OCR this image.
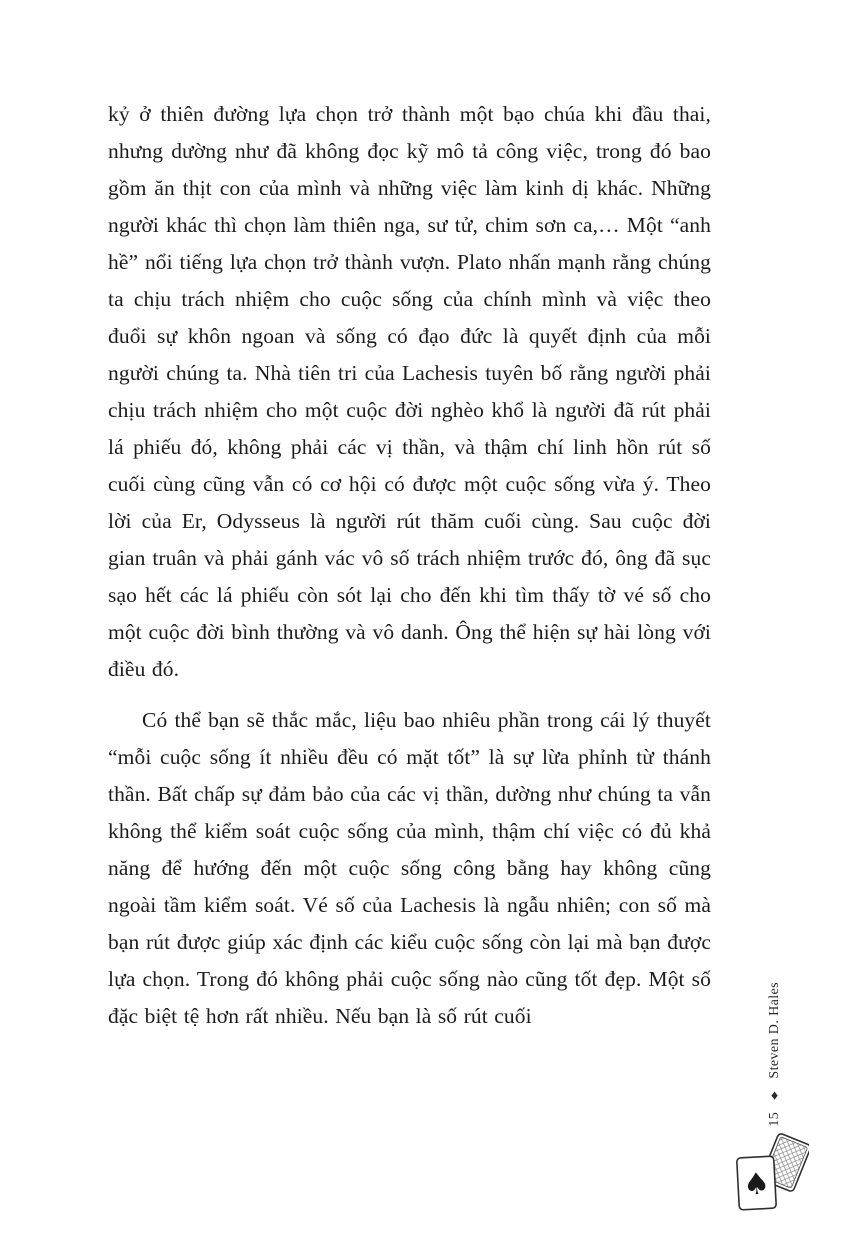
kỷ ở thiên đường lựa chọn trở thành một bạo chúa khi đầu thai, nhưng dường như đã không đọc kỹ mô tả công việc, trong đó bao gồm ăn thịt con của mình và những việc làm kinh dị khác. Những người khác thì chọn làm thiên nga, sư tử, chim sơn ca,… Một “anh hề” nổi tiếng lựa chọn trở thành vượn. Plato nhấn mạnh rằng chúng ta chịu trách nhiệm cho cuộc sống của chính mình và việc theo đuổi sự khôn ngoan và sống có đạo đức là quyết định của mỗi người chúng ta. Nhà tiên tri của Lachesis tuyên bố rằng người phải chịu trách nhiệm cho một cuộc đời nghèo khổ là người đã rút phải lá phiếu đó, không phải các vị thần, và thậm chí linh hồn rút số cuối cùng cũng vẫn có cơ hội có được một cuộc sống vừa ý. Theo lời của Er, Odysseus là người rút thăm cuối cùng. Sau cuộc đời gian truân và phải gánh vác vô số trách nhiệm trước đó, ông đã sục sạo hết các lá phiếu còn sót lại cho đến khi tìm thấy tờ vé số cho một cuộc đời bình thường và vô danh. Ông thể hiện sự hài lòng với điều đó.

Có thể bạn sẽ thắc mắc, liệu bao nhiêu phần trong cái lý thuyết “mỗi cuộc sống ít nhiều đều có mặt tốt” là sự lừa phỉnh từ thánh thần. Bất chấp sự đảm bảo của các vị thần, dường như chúng ta vẫn không thể kiểm soát cuộc sống của mình, thậm chí việc có đủ khả năng để hướng đến một cuộc sống công bằng hay không cũng ngoài tầm kiểm soát. Vé số của Lachesis là ngẫu nhiên; con số mà bạn rút được giúp xác định các kiểu cuộc sống còn lại mà bạn được lựa chọn. Trong đó không phải cuộc sống nào cũng tốt đẹp. Một số đặc biệt tệ hơn rất nhiều. Nếu bạn là số rút cuối

15 ♦ Steven D. Hales
♠
